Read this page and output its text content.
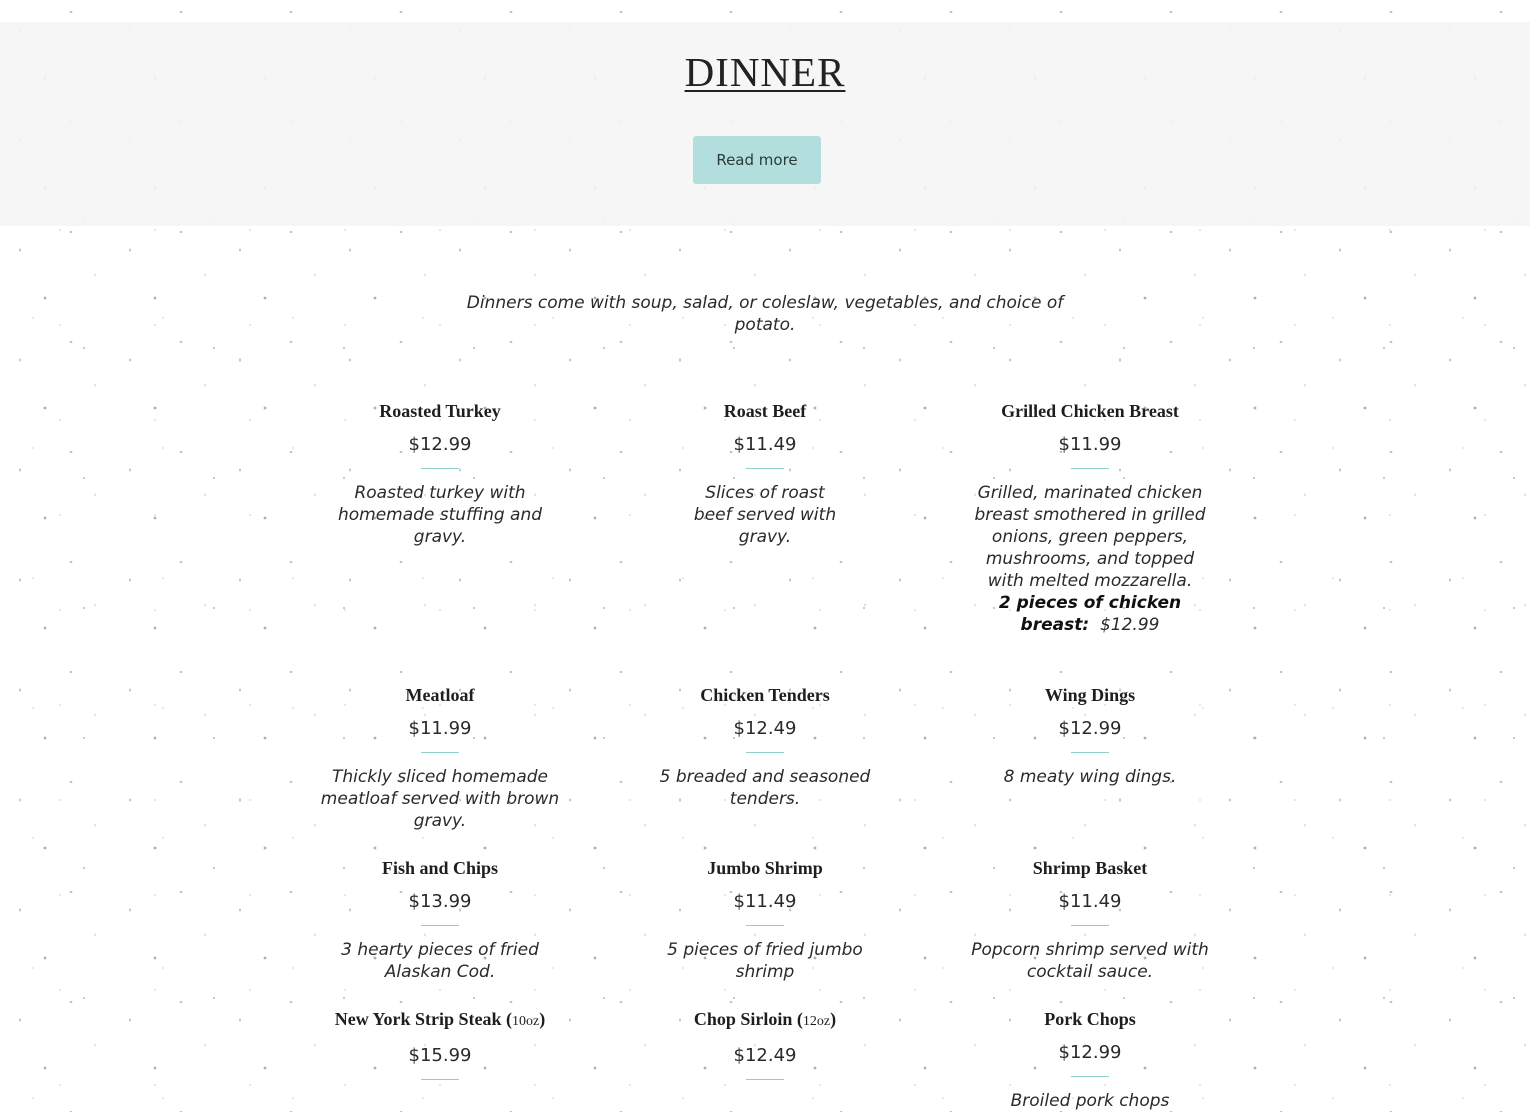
DINNER
Read more

Dinners come with soup, salad, or coleslaw, vegetables, and choice of potato.

Roasted Turkey
$12.99
Roasted turkey with homemade stuffing and gravy.
Roast Beef
$11.49
Slices of roast beef served with gravy.
Grilled Chicken Breast
$11.99
Grilled, marinated chicken breast smothered in grilled onions, green peppers, mushrooms, and topped with melted mozzarella.
2 pieces of chicken breast: $12.99
Meatloaf
$11.99
Thickly sliced homemade meatloaf served with brown gravy.
Chicken Tenders
$12.49
5 breaded and seasoned tenders.
Wing Dings
$12.99
8 meaty wing dings.
Fish and Chips
$13.99
3 hearty pieces of fried Alaskan Cod.
Jumbo Shrimp
$11.49
5 pieces of fried jumbo shrimp
Shrimp Basket
$11.49
Popcorn shrimp served with cocktail sauce.
New York Strip Steak (10oz)
$15.99
Chop Sirloin (12oz)
$12.49
Pork Chops
$12.99
Broiled pork chops
